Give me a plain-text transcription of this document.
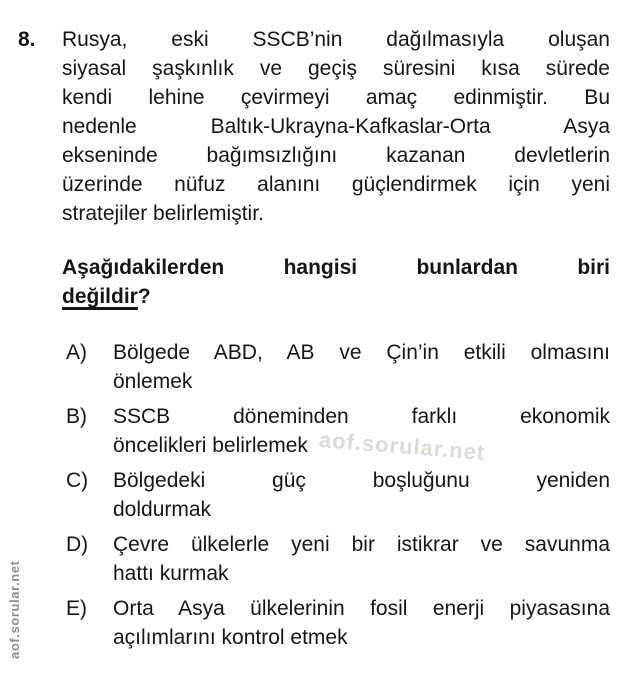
aof.sorular.net
aof.sorular.net
8. Rusya, eski SSCB’nin dağılmasıyla oluşan
siyasal şaşkınlık ve geçiş süresini kısa sürede
kendi lehine çevirmeyi amaç edinmiştir. Bu
nedenle Baltık-Ukrayna-Kafkaslar-Orta Asya
ekseninde bağımsızlığını kazanan devletlerin
üzerinde nüfuz alanını güçlendirmek için yeni
stratejiler belirlemiştir.
Aşağıdakilerden hangisi bunlardan biri
değildir?
A)	Bölgede ABD, AB ve Çin’in etkili olmasını
önlemek
B)	SSCB döneminden farklı ekonomik
öncelikleri belirlemek
C)	Bölgedeki güç boşluğunu yeniden
doldurmak
D)	Çevre ülkelerle yeni bir istikrar ve savunma
hattı kurmak
E)	Orta Asya ülkelerinin fosil enerji piyasasına
açılımlarını kontrol etmek
